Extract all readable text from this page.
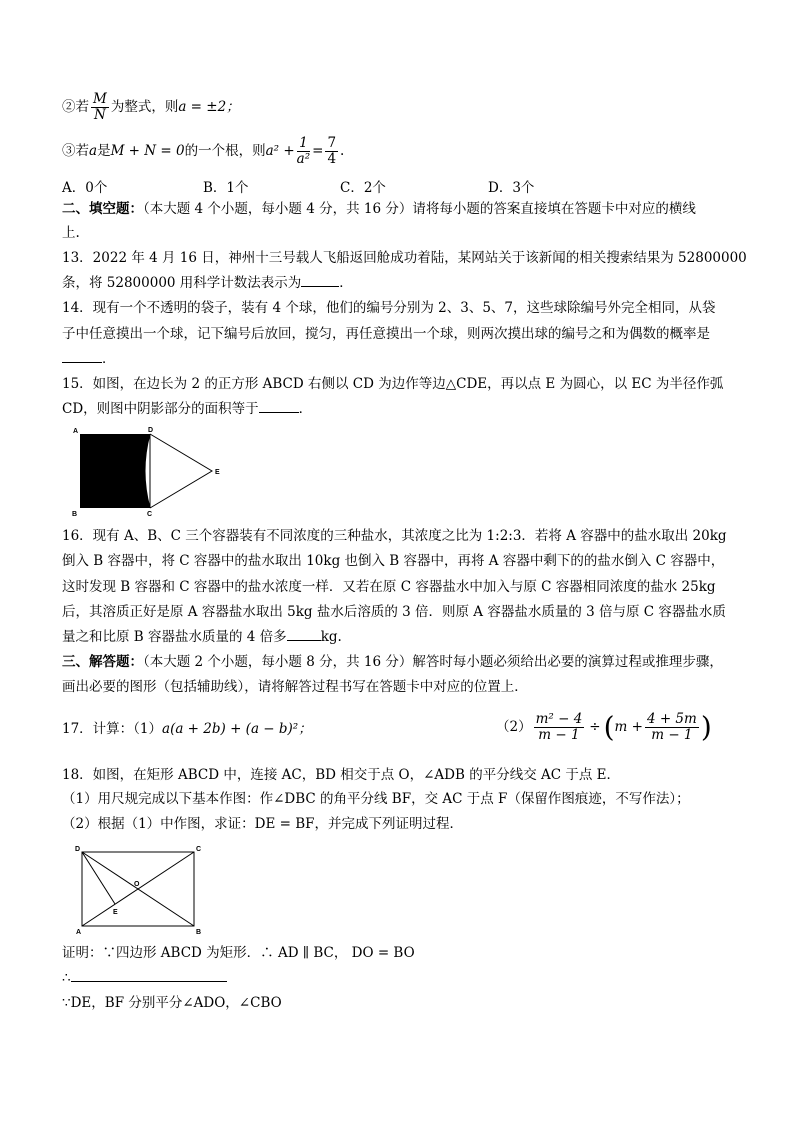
②若 $\frac{M}{N}$ 为整式，则a = ±2；
③若a是M + N = 0的一个根，则$a^2 + \frac{1}{\text{a²}} = \frac{7}{4}$ .
A．0个	B．1个	C．2个	D．3个
二、填空题：（本大题 4 个小题，每小题 4 分，共 16 分）请将每小题的答案直接填在答题卡中对应的横线
上.
13．2022 年 4 月 16 日，神州十三号载人飞船返回舱成功着陆，某网站关于该新闻的相关搜索结果为 52800000
条，将 52800000 用科学计数法表示为	．
14．现有一个不透明的袋子，装有 4 个球，他们的编号分别为 2、3、5、7，这些球除编号外完全相同，从袋
子中任意摸出一个球，记下编号后放回，搅匀，再任意摸出一个球，则两次摸出球的编号之和为偶数的概率是
．
15．如图，在边长为 2 的正方形 ABCD 右侧以 CD 为边作等边△CDE，再以点 E 为圆心，以 EC 为半径作弧
CD，则图中阴影部分的面积等于	．
A	D
E
B	C
16．现有 A、B、C 三个容器装有不同浓度的三种盐水，其浓度之比为 1:2:3．若将 A 容器中的盐水取出 20kg
倒入 B 容器中，将 C 容器中的盐水取出 10kg 也倒入 B 容器中，再将 A 容器中剩下的的盐水倒入 C 容器中，
这时发现 B 容器和 C 容器中的盐水浓度一样．又若在原 C 容器盐水中加入与原 C 容器相同浓度的盐水 25kg
后，其溶质正好是原 A 容器盐水取出 5kg 盐水后溶质的 3 倍．则原 A 容器盐水质量的 3 倍与原 C 容器盐水质
量之和比原 B 容器盐水质量的 4 倍多	kg.
三、解答题：（本大题 2 个小题，每小题 8 分，共 16 分）解答时每小题必须给出必要的演算过程或推理步骤，
画出必要的图形（包括辅助线），请将解答过程书写在答题卡中对应的位置上．
17．计算：（1）a(a + 2b) + (a − b)²；	$(2) \frac{\text{m² − 4}}{m - 1} \div (m + \frac{4 + 5m}{m - 1}$ )
18．如图，在矩形 ABCD 中，连接 AC，BD 相交于点 O，∠ADB 的平分线交 AC 于点 E．
（1）用尺规完成以下基本作图：作∠DBC 的角平分线 BF，交 AC 于点 F（保留作图痕迹，不写作法）；
（2）根据（1）中作图，求证：DE = BF，并完成下列证明过程．
D	C
O
E
A	B
证明：∵四边形 ABCD 为矩形．∴ AD ∥ BC， DO = BO
∴
∵DE，BF 分别平分∠ADO，∠CBO
